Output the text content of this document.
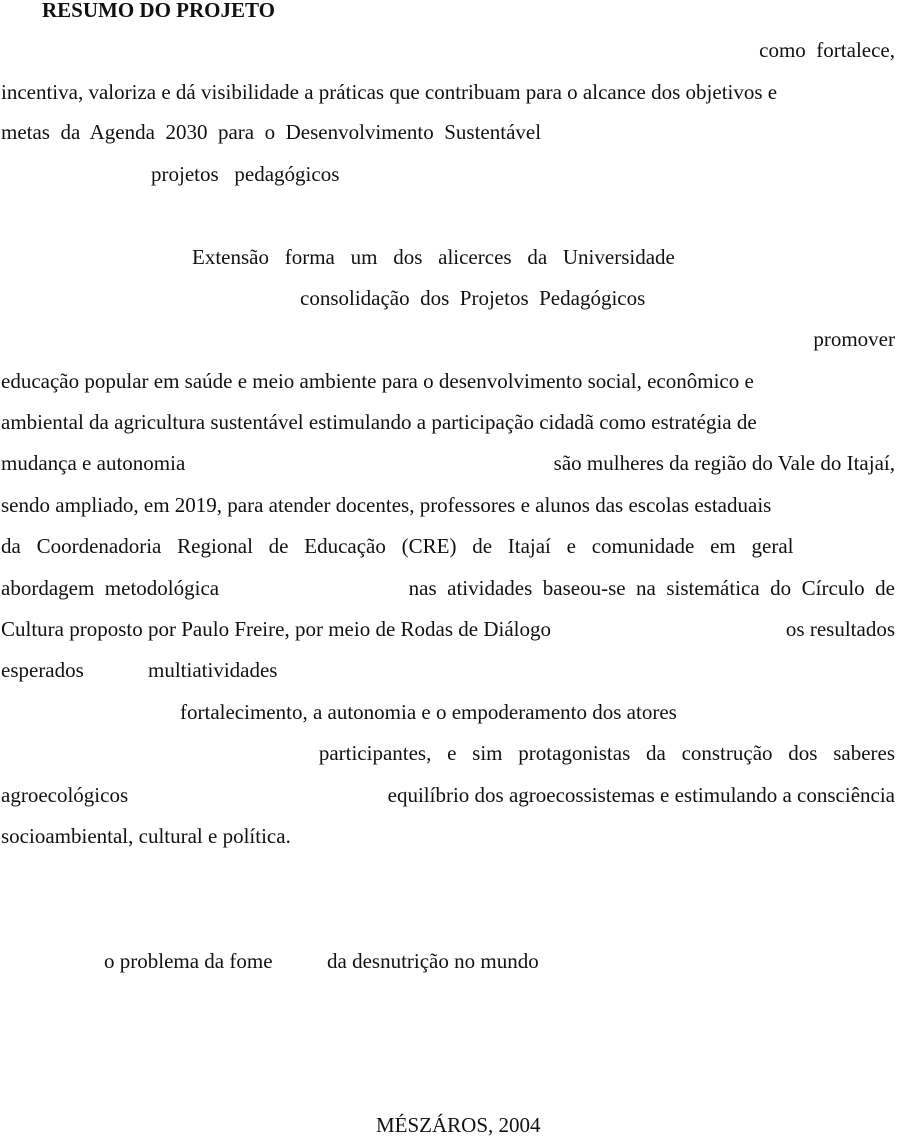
RESUMO DO PROJETO
como  fortalece,
incentiva, valoriza e dá visibilidade a práticas que contribuam para o alcance dos objetivos e
metas  da  Agenda  2030  para  o  Desenvolvimento  Sustentável
projetos   pedagógicos
Extensão   forma   um   dos   alicerces   da   Universidade
consolidação  dos  Projetos  Pedagógicos
promover
educação popular em saúde e meio ambiente para o desenvolvimento social, econômico e
ambiental da agricultura sustentável estimulando a participação cidadã como estratégia de
mudança e autonomia	são mulheres da região do Vale do Itajaí,
sendo ampliado, em 2019, para atender docentes, professores e alunos das escolas estaduais
da   Coordenadoria   Regional   de   Educação   (CRE)   de   Itajaí   e   comunidade   em   geral
abordagem  metodológica	nas  atividades  baseou-se  na  sistemática  do  Círculo  de
Cultura proposto por Paulo Freire, por meio de Rodas de Diálogo	os resultados
esperados	multiatividades
fortalecimento, a autonomia e o empoderamento dos atores
participantes,   e   sim   protagonistas   da   construção   dos   saberes
agroecológicos	equilíbrio dos agroecossistemas e estimulando a consciência
socioambiental, cultural e política.
o problema da fome	da desnutrição no mundo
MÉSZÁROS, 2004
